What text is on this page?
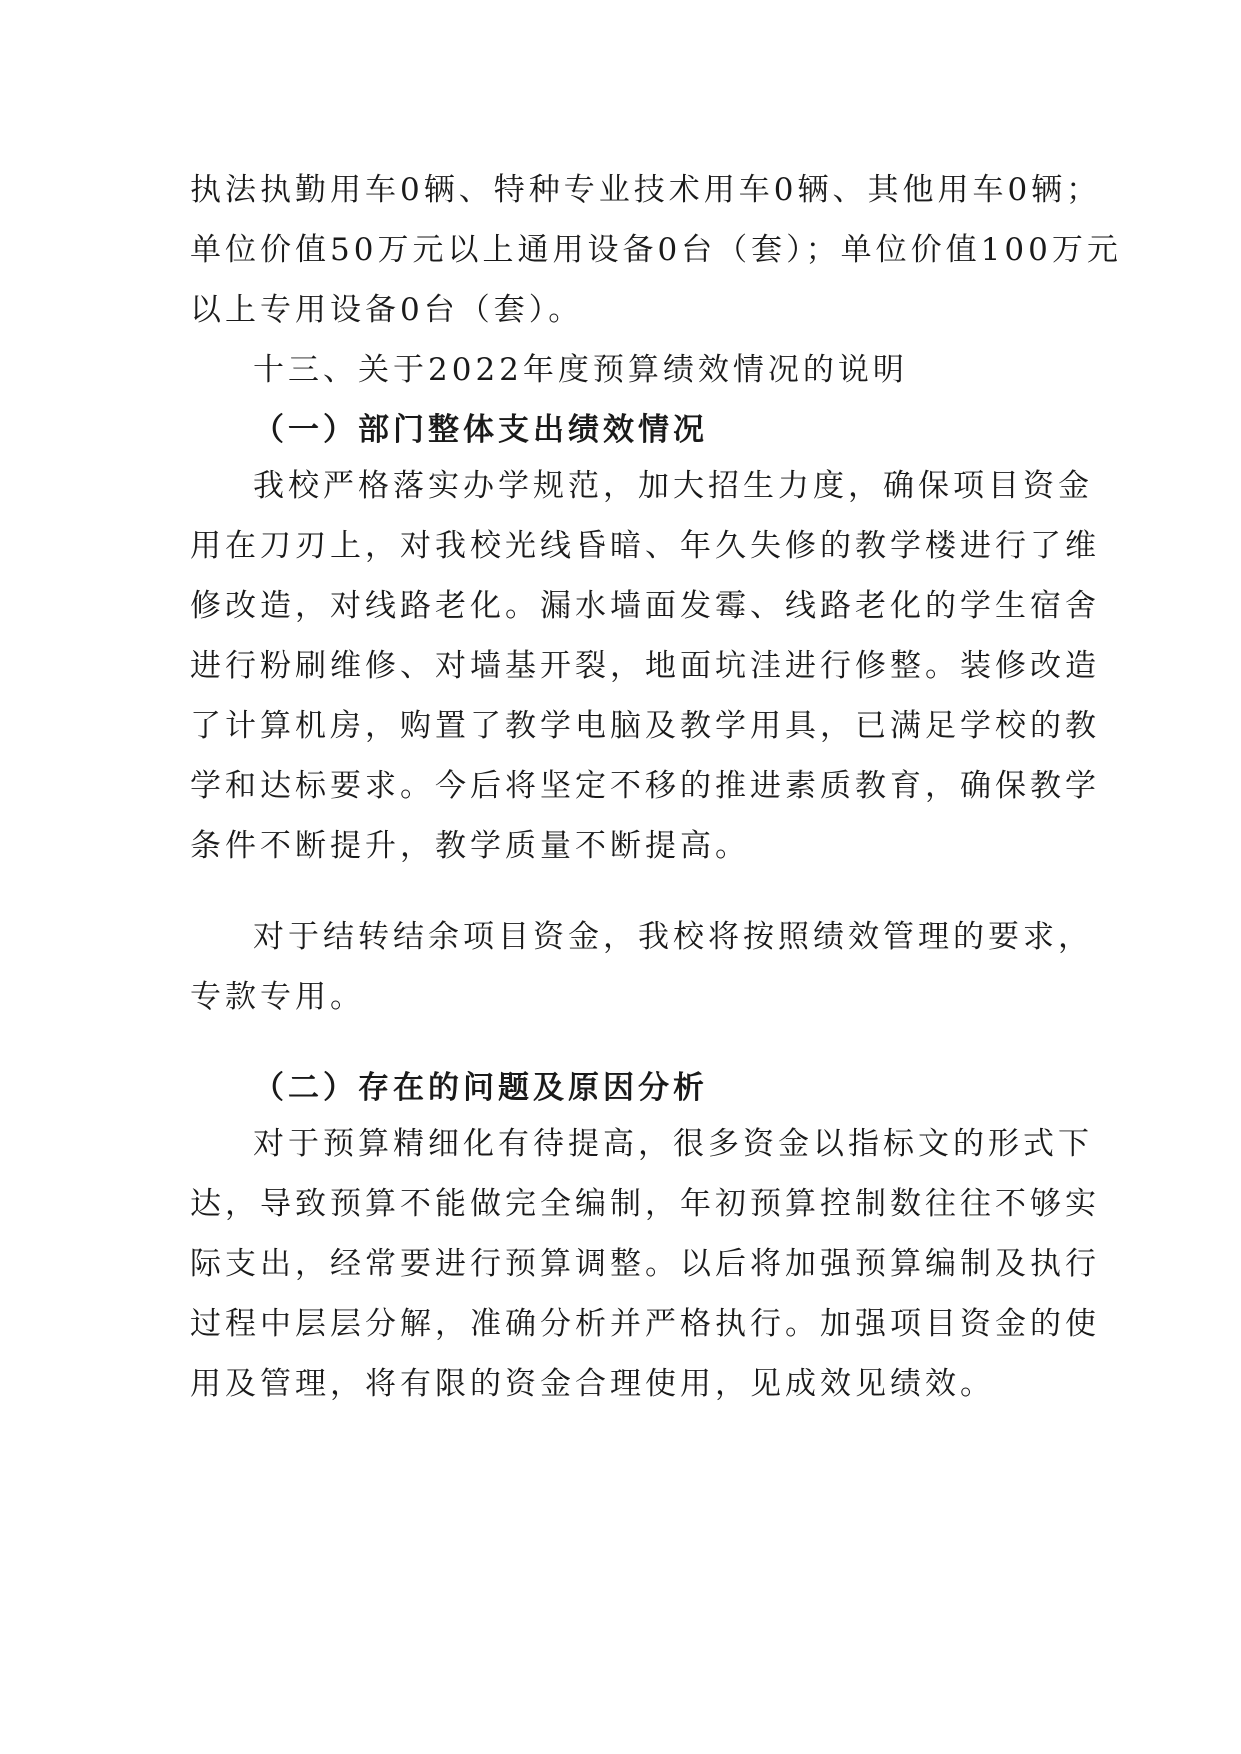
执法执勤用车0辆、特种专业技术用车0辆、其他用车0辆；
单位价值50万元以上通用设备0台（套）；单位价值100万元
以上专用设备0台（套）。
十三、关于2022年度预算绩效情况的说明
（一）部门整体支出绩效情况
我校严格落实办学规范，加大招生力度，确保项目资金
用在刀刃上，对我校光线昏暗、年久失修的教学楼进行了维
修改造，对线路老化。漏水墙面发霉、线路老化的学生宿舍
进行粉刷维修、对墙基开裂，地面坑洼进行修整。装修改造
了计算机房，购置了教学电脑及教学用具，已满足学校的教
学和达标要求。今后将坚定不移的推进素质教育，确保教学
条件不断提升，教学质量不断提高。
对于结转结余项目资金，我校将按照绩效管理的要求，
专款专用。
（二）存在的问题及原因分析
对于预算精细化有待提高，很多资金以指标文的形式下
达，导致预算不能做完全编制，年初预算控制数往往不够实
际支出，经常要进行预算调整。以后将加强预算编制及执行
过程中层层分解，准确分析并严格执行。加强项目资金的使
用及管理，将有限的资金合理使用，见成效见绩效。
